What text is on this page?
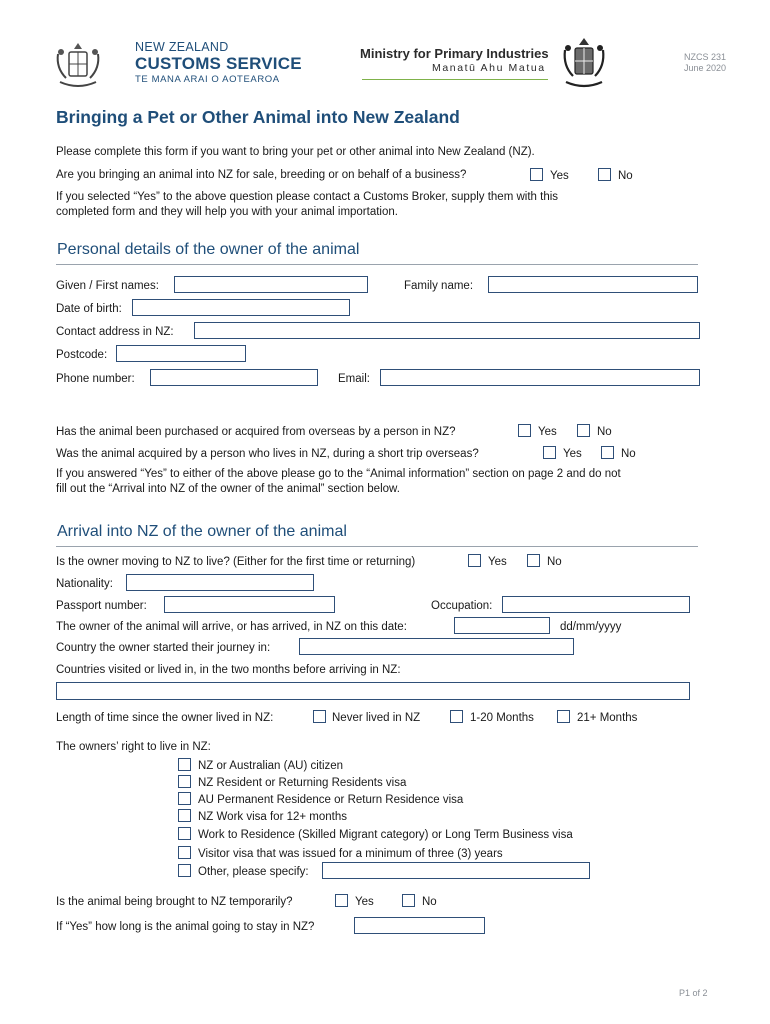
NEW ZEALAND
CUSTOMS SERVICE
TE MANA ARAI O AOTEAROA
Ministry for Primary Industries
Manatū Ahu Matua
NZCS 231
June 2020
Bringing a Pet or Other Animal into New Zealand
Please complete this form if you want to bring your pet or other animal into New Zealand (NZ).
Are you bringing an animal into NZ for sale, breeding or on behalf of a business?	Yes	No
If you selected “Yes” to the above question please contact a Customs Broker, supply them with this
completed form and they will help you with your animal importation.
Personal details of the owner of the animal
Given / First names:	Family name:
Date of birth:
Contact address in NZ:
Postcode:
Phone number:	Email:
Has the animal been purchased or acquired from overseas by a person in NZ?	Yes	No
Was the animal acquired by a person who lives in NZ, during a short trip overseas?	Yes	No
If you answered “Yes” to either of the above please go to the “Animal information” section on page 2 and do not
fill out the “Arrival into NZ of the owner of the animal” section below.
Arrival into NZ of the owner of the animal
Is the owner moving to NZ to live? (Either for the first time or returning)	Yes	No
Nationality:
Passport number:	Occupation:
The owner of the animal will arrive, or has arrived, in NZ on this date:	dd/mm/yyyy
Country the owner started their journey in:
Countries visited or lived in, in the two months before arriving in NZ:
Length of time since the owner lived in NZ:	Never lived in NZ	1-20 Months	21+ Months
The owners’ right to live in NZ:
NZ or Australian (AU) citizen
NZ Resident or Returning Residents visa
AU Permanent Residence or Return Residence visa
NZ Work visa for 12+ months
Work to Residence (Skilled Migrant category) or Long Term Business visa
Visitor visa that was issued for a minimum of three (3) years
Other, please specify:
Is the animal being brought to NZ temporarily?	Yes	No
If “Yes” how long is the animal going to stay in NZ?
P1 of 2
